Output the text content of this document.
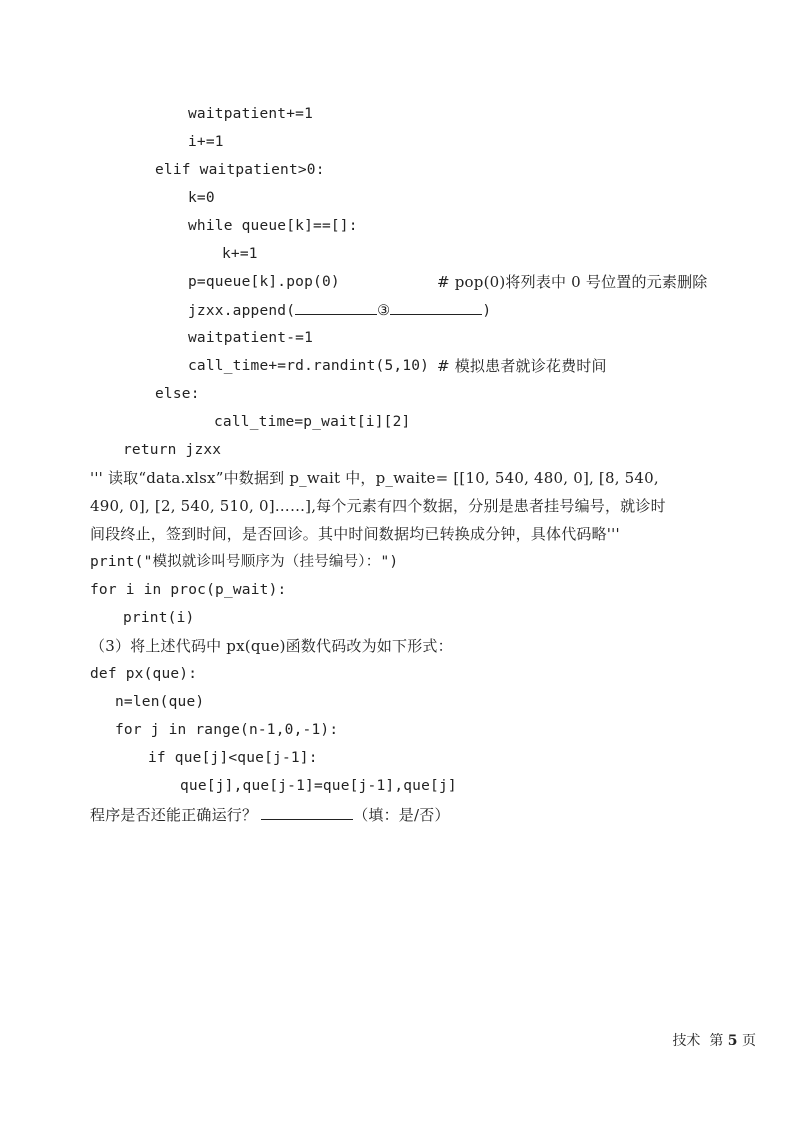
waitpatient+=1
i+=1
elif waitpatient>0:
k=0
while queue[k]==[]:
k+=1
p=queue[k].pop(0)	# pop(0)将列表中 0 号位置的元素删除
jzxx.append(	③	)
waitpatient-=1
call_time+=rd.randint(5,10) # 模拟患者就诊花费时间
else:
call_time=p_wait[i][2]
return jzxx
''' 读取“data.xlsx”中数据到 p_wait 中，p_waite= [[10, 540, 480, 0], [8, 540,
490, 0], [2, 540, 510, 0]……],每个元素有四个数据，分别是患者挂号编号，就诊时
间段终止，签到时间，是否回诊。其中时间数据均已转换成分钟，具体代码略'''
print("模拟就诊叫号顺序为（挂号编号）：")
for i in proc(p_wait):
print(i)
（3）将上述代码中 px(que)函数代码改为如下形式：
def px(que):
n=len(que)
for j in range(n-1,0,-1):
if que[j]<que[j-1]:
que[j],que[j-1]=que[j-1],que[j]
程序是否还能正确运行？	（填：是/否）
技术 第 5 页
